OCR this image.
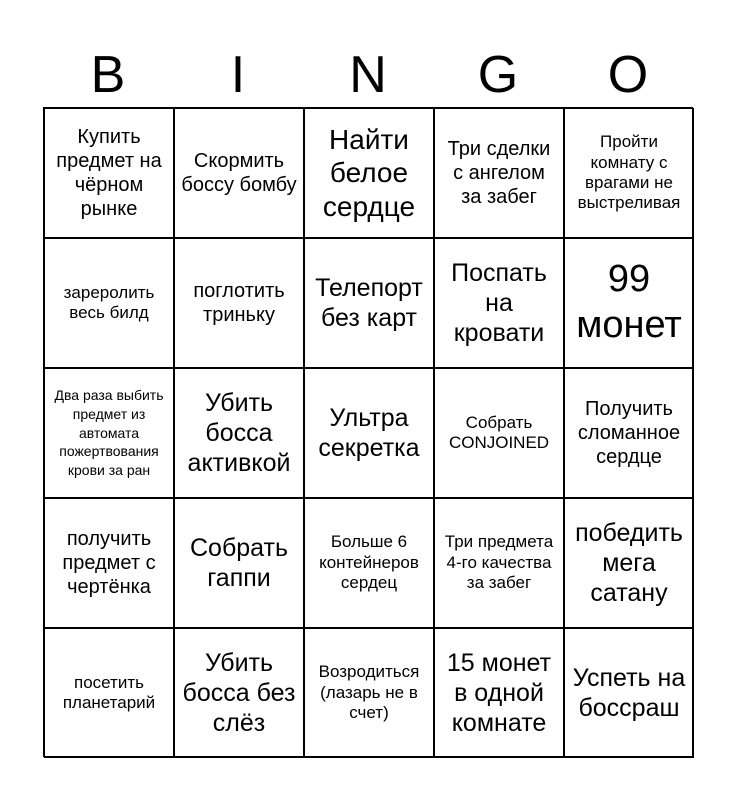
B	I	N	G	O
Купить предмет на чёрном рынке
Скормить боссу бомбу
Найти белое сердце
Три сделки с ангелом за забег
Пройти комнату с врагами не выстреливая
зареролить весь билд
поглотить триньку
Телепорт без карт
Поспать на кровати
99 монет
Два раза выбить предмет из автомата пожертвования крови за ран
Убить босса активкой
Ультра секретка
Собрать CONJOINED
Получить сломанное сердце
получить предмет с чертёнка
Собрать гаппи
Больше 6 контейнеров сердец
Три предмета 4-го качества за забег
победить мега сатану
посетить планетарий
Убить босса без слёз
Возродиться (лазарь не в счет)
15 монет в одной комнате
Успеть на боссраш
